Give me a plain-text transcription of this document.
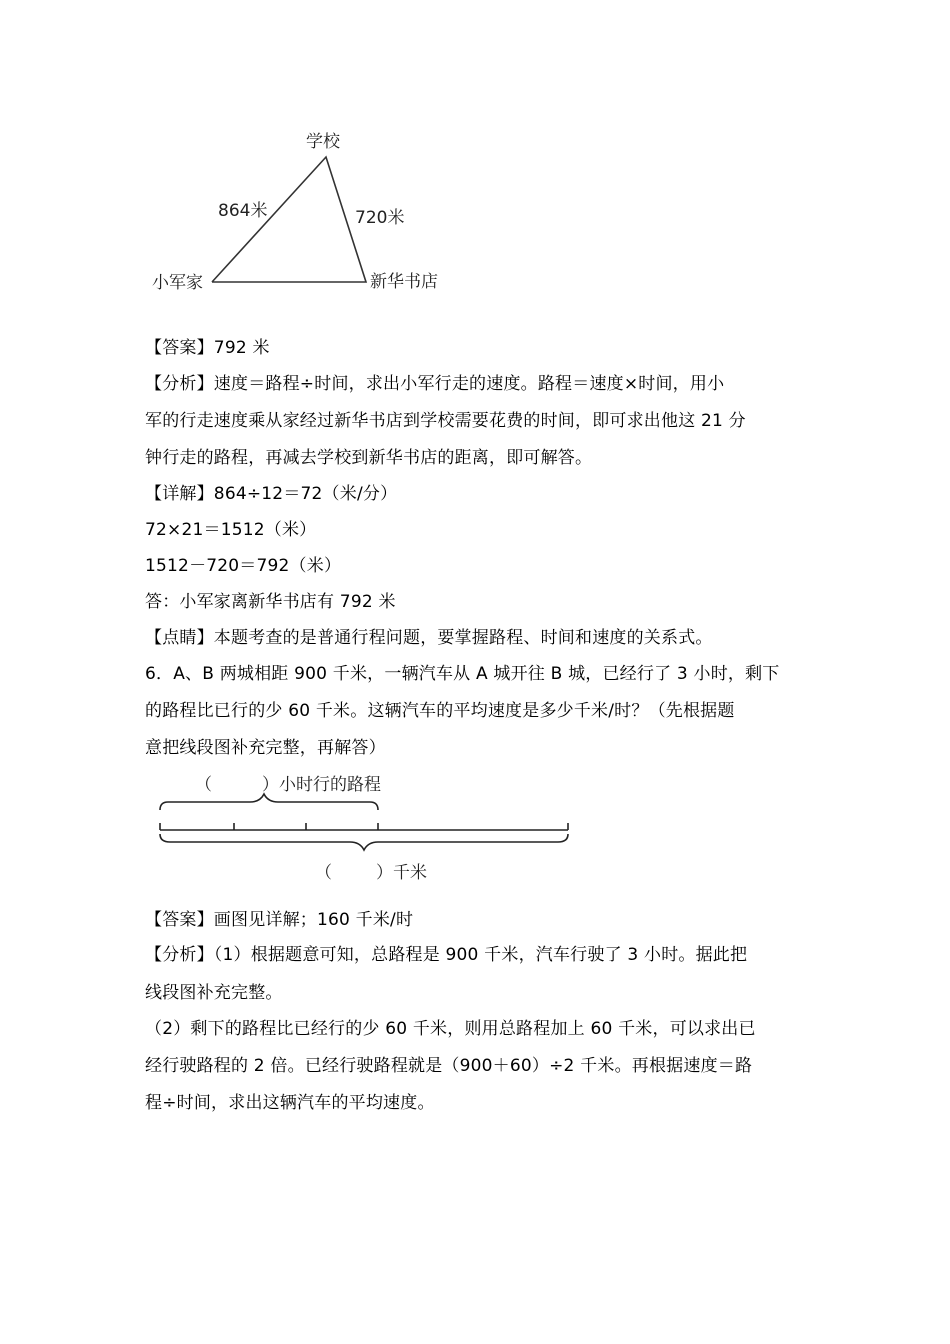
学校
小军家	新华书店
864米	720米
【答案】792 米
【分析】速度＝路程÷时间，求出小军行走的速度。路程＝速度×时间，用小
军的行走速度乘从家经过新华书店到学校需要花费的时间，即可求出他这 21 分
钟行走的路程，再减去学校到新华书店的距离，即可解答。
【详解】864÷12＝72（米/分）
72×21＝1512（米）
1512－720＝792（米）
答：小军家离新华书店有 792 米
【点睛】本题考查的是普通行程问题，要掌握路程、时间和速度的关系式。
6．A、B 两城相距 900 千米，一辆汽车从 A 城开往 B 城，已经行了 3 小时，剩下
的路程比已行的少 60 千米。这辆汽车的平均速度是多少千米/时？（先根据题
意把线段图补充完整，再解答）
（	）小时行的路程
（	）千米
【答案】画图见详解；160 千米/时
【分析】（1）根据题意可知，总路程是 900 千米，汽车行驶了 3 小时。据此把
线段图补充完整。
（2）剩下的路程比已经行的少 60 千米，则用总路程加上 60 千米，可以求出已
经行驶路程的 2 倍。已经行驶路程就是（900＋60）÷2 千米。再根据速度＝路
程÷时间，求出这辆汽车的平均速度。
